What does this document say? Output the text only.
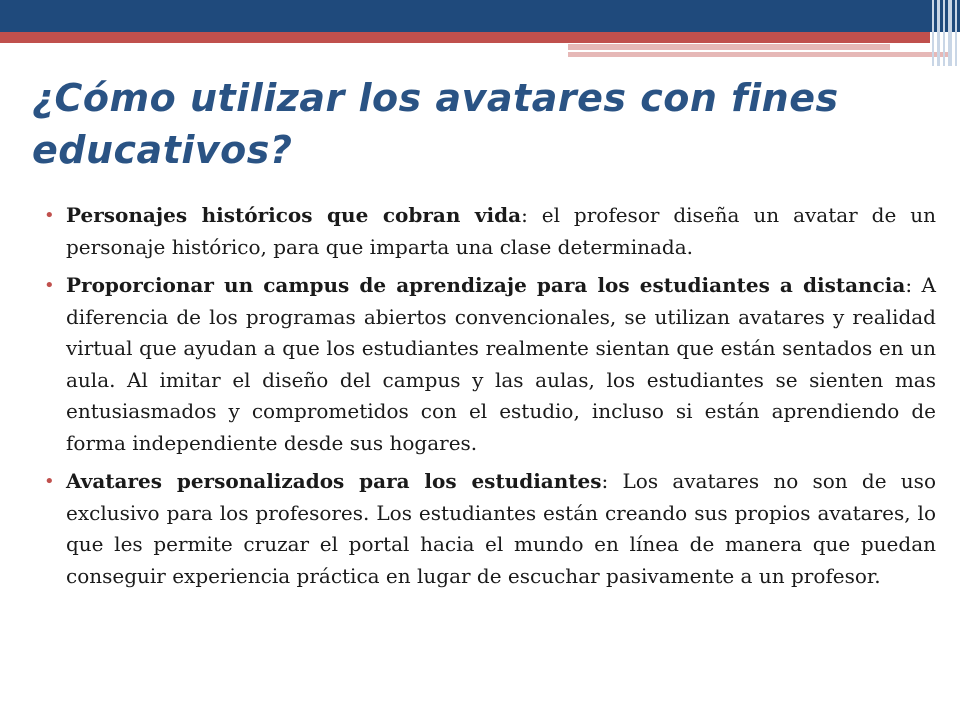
¿Cómo utilizar los avatares con fines educativos?
• Personajes históricos que cobran vida: el profesor diseña un avatar de un personaje histórico, para que imparta una clase determinada.
• Proporcionar un campus de aprendizaje para los estudiantes a distancia: A diferencia de los programas abiertos convencionales, se utilizan avatares y realidad virtual que ayudan a que los estudiantes realmente sientan que están sentados en un aula. Al imitar el diseño del campus y las aulas, los estudiantes se sienten mas entusiasmados y comprometidos con el estudio, incluso si están aprendiendo de forma independiente desde sus hogares.
• Avatares personalizados para los estudiantes: Los avatares no son de uso exclusivo para los profesores. Los estudiantes están creando sus propios avatares, lo que les permite cruzar el portal hacia el mundo en línea de manera que puedan conseguir experiencia práctica en lugar de escuchar pasivamente a un profesor.
